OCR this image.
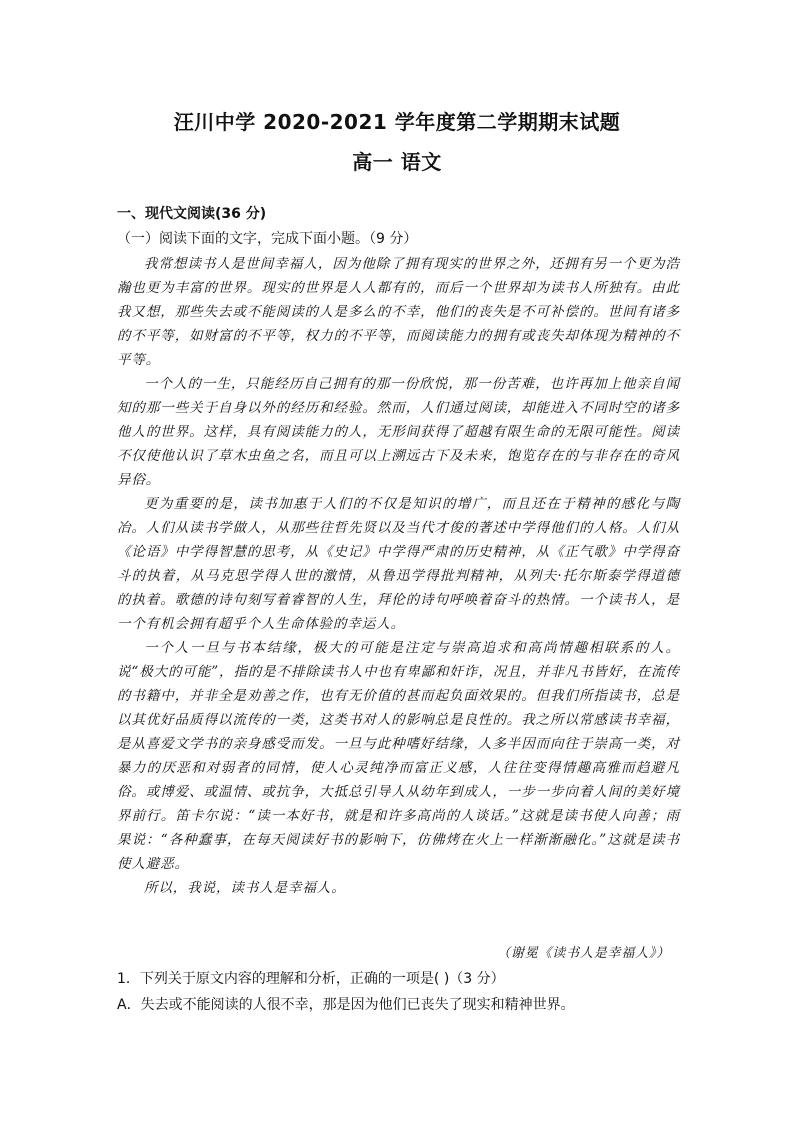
汪川中学 2020-2021 学年度第二学期期末试题
高一 语文
一、现代文阅读(36 分)
（一）阅读下面的文字，完成下面小题。（9 分）

我常想读书人是世间幸福人，因为他除了拥有现实的世界之外，还拥有另一个更为浩瀚也更为丰富的世界。现实的世界是人人都有的，而后一个世界却为读书人所独有。由此我又想，那些失去或不能阅读的人是多么的不幸，他们的丧失是不可补偿的。世间有诸多的不平等，如财富的不平等，权力的不平等，而阅读能力的拥有或丧失却体现为精神的不平等。

一个人的一生，只能经历自己拥有的那一份欣悦，那一份苦难，也许再加上他亲自闻知的那一些关于自身以外的经历和经验。然而，人们通过阅读，却能进入不同时空的诸多他人的世界。这样，具有阅读能力的人，无形间获得了超越有限生命的无限可能性。阅读不仅使他认识了草木虫鱼之名，而且可以上溯远古下及未来，饱览存在的与非存在的奇风异俗。

更为重要的是，读书加惠于人们的不仅是知识的增广，而且还在于精神的感化与陶冶。人们从读书学做人，从那些往哲先贤以及当代才俊的著述中学得他们的人格。人们从《论语》中学得智慧的思考，从《史记》中学得严肃的历史精神，从《正气歌》中学得奋斗的执着，从马克思学得人世的激情，从鲁迅学得批判精神，从列夫·托尔斯泰学得道德的执着。歌德的诗句刻写着睿智的人生，拜伦的诗句呼唤着奋斗的热情。一个读书人，是一个有机会拥有超乎个人生命体验的幸运人。

一个人一旦与书本结缘，极大的可能是注定与崇高追求和高尚情趣相联系的人。说“极大的可能”，指的是不排除读书人中也有卑鄙和奸诈，况且，并非凡书皆好，在流传的书籍中，并非全是劝善之作，也有无价值的甚而起负面效果的。但我们所指读书，总是以其优好品质得以流传的一类，这类书对人的影响总是良性的。我之所以常感读书幸福，是从喜爱文学书的亲身感受而发。一旦与此种嗜好结缘，人多半因而向往于崇高一类，对暴力的厌恶和对弱者的同情，使人心灵纯净而富正义感，人往往变得情趣高雅而趋避凡俗。或博爱、或温情、或抗争，大抵总引导人从幼年到成人，一步一步向着人间的美好境界前行。笛卡尔说：“读一本好书，就是和许多高尚的人谈话。”这就是读书使人向善；雨果说：“各种蠢事，在每天阅读好书的影响下，仿佛烤在火上一样渐渐融化。”这就是读书使人避恶。

所以，我说，读书人是幸福人。

（谢冕《读书人是幸福人》）
1．下列关于原文内容的理解和分析，正确的一项是( )（3 分）
A．失去或不能阅读的人很不幸，那是因为他们已丧失了现实和精神世界。
